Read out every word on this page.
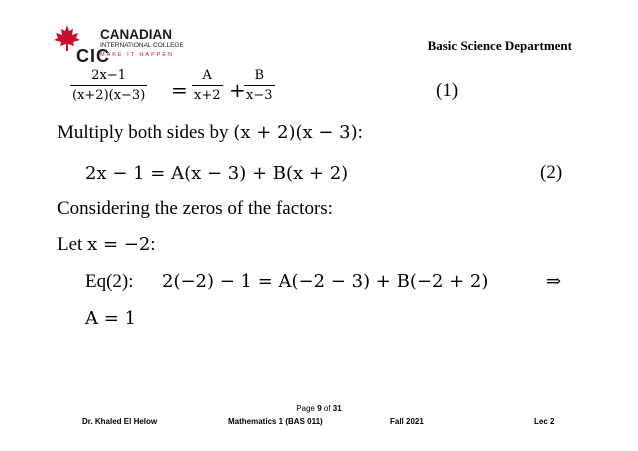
CIC
CANADIAN
INTERNATIONAL COLLEGE
MAKE IT HAPPEN
Basic Science Department
$\frac{2x-1}{(x+2)(x-3)} = \frac{A}{x+2}$ +
$\frac{B}{x-3}$	(1)
Multiply both sides by (x + 2)(x − 3):
2x − 1 = A(x − 3) + B(x + 2)	(2)
Considering the zeros of the factors:
Let x = −2:
Eq(2): 2(−2) − 1 = A(−2 − 3) + B(−2 + 2)	⇒
A = 1
Page 9 of 31
Dr. Khaled El Helow	Mathematics 1 (BAS 011)	Fall 2021	Lec 2
